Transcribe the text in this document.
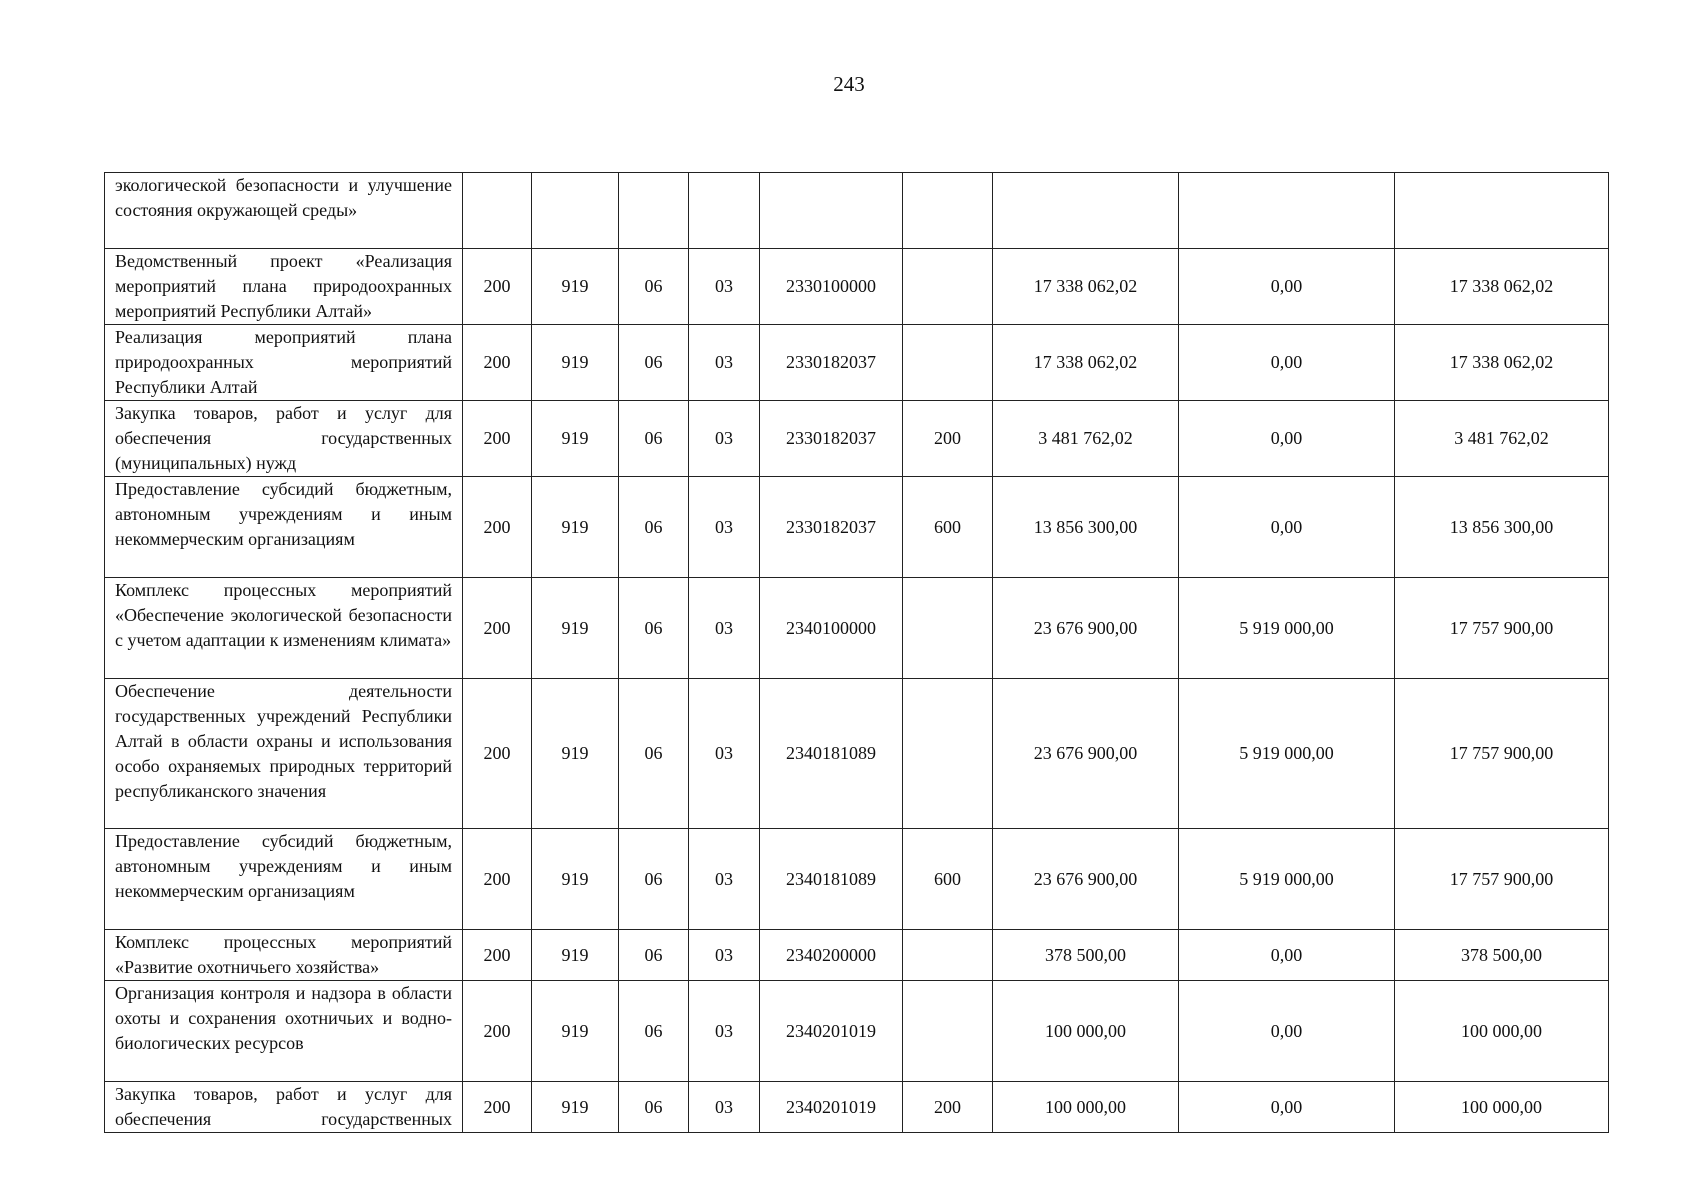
243
экологической безопасности и улучшение состояния окружающей среды»									
Ведомственный проект «Реализация мероприятий плана природоохранных мероприятий Республики Алтай»	200	919	06	03	2330100000		17 338 062,02	0,00	17 338 062,02
Реализация мероприятий плана природоохранных мероприятий Республики Алтай	200	919	06	03	2330182037		17 338 062,02	0,00	17 338 062,02
Закупка товаров, работ и услуг для обеспечения государственных (муниципальных) нужд	200	919	06	03	2330182037	200	3 481 762,02	0,00	3 481 762,02
Предоставление субсидий бюджетным, автономным учреждениям и иным некоммерческим организациям	200	919	06	03	2330182037	600	13 856 300,00	0,00	13 856 300,00
Комплекс процессных мероприятий «Обеспечение экологической безопасности с учетом адаптации к изменениям климата»	200	919	06	03	2340100000		23 676 900,00	5 919 000,00	17 757 900,00
Обеспечение деятельности государственных учреждений Республики Алтай в области охраны и использования особо охраняемых природных территорий республиканского значения	200	919	06	03	2340181089		23 676 900,00	5 919 000,00	17 757 900,00
Предоставление субсидий бюджетным, автономным учреждениям и иным некоммерческим организациям	200	919	06	03	2340181089	600	23 676 900,00	5 919 000,00	17 757 900,00
Комплекс процессных мероприятий «Развитие охотничьего хозяйства»	200	919	06	03	2340200000		378 500,00	0,00	378 500,00
Организация контроля и надзора в области охоты и сохранения охотничьих и водно-биологических ресурсов	200	919	06	03	2340201019		100 000,00	0,00	100 000,00
Закупка товаров, работ и услуг для обеспечения государственных	200	919	06	03	2340201019	200	100 000,00	0,00	100 000,00
